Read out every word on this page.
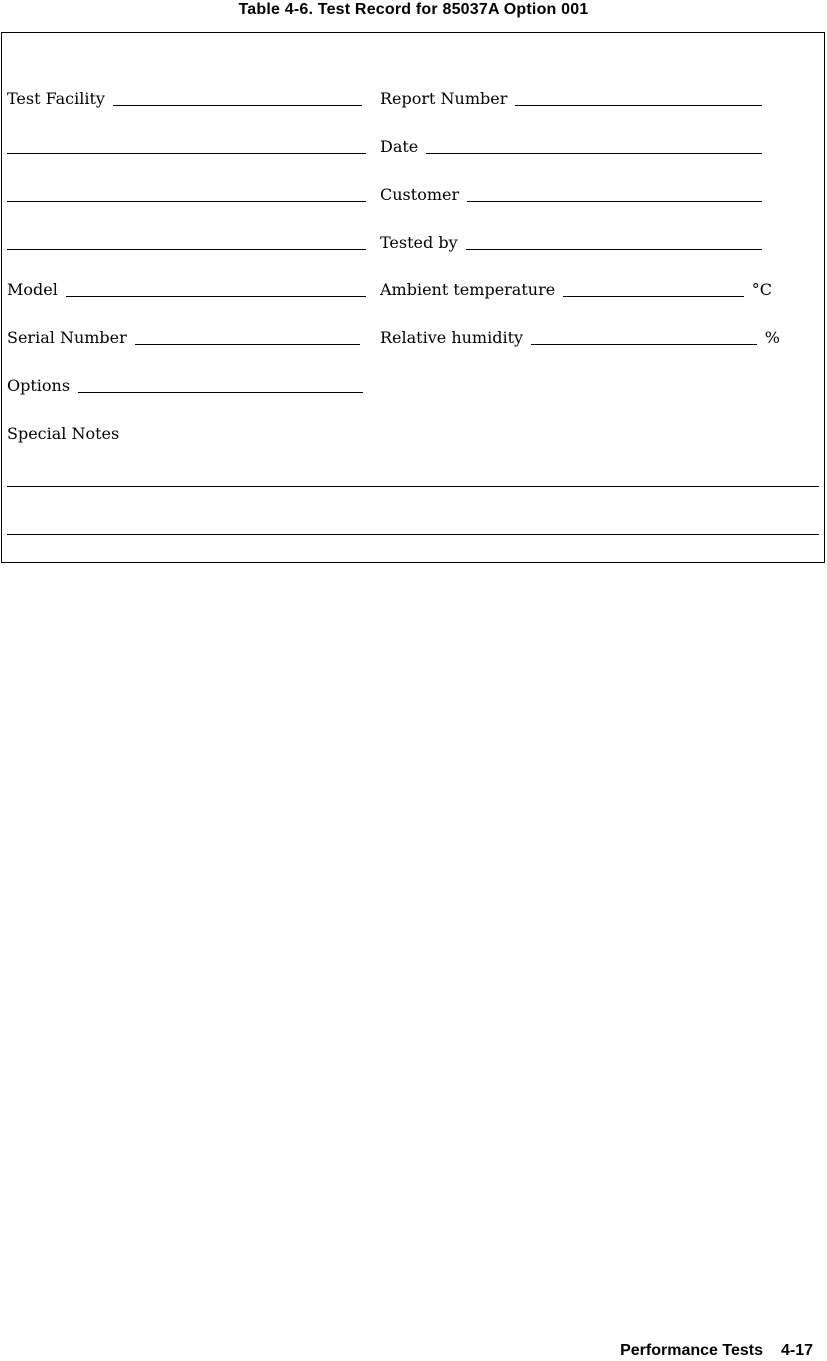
Table 4-6. Test Record for 85037A Option 001
Test Facility
Model
Serial Number
Options
Special Notes
Report Number
Date
Customer
Tested by
Ambient temperature	°C
Relative humidity	%
Performance Tests 4-17
